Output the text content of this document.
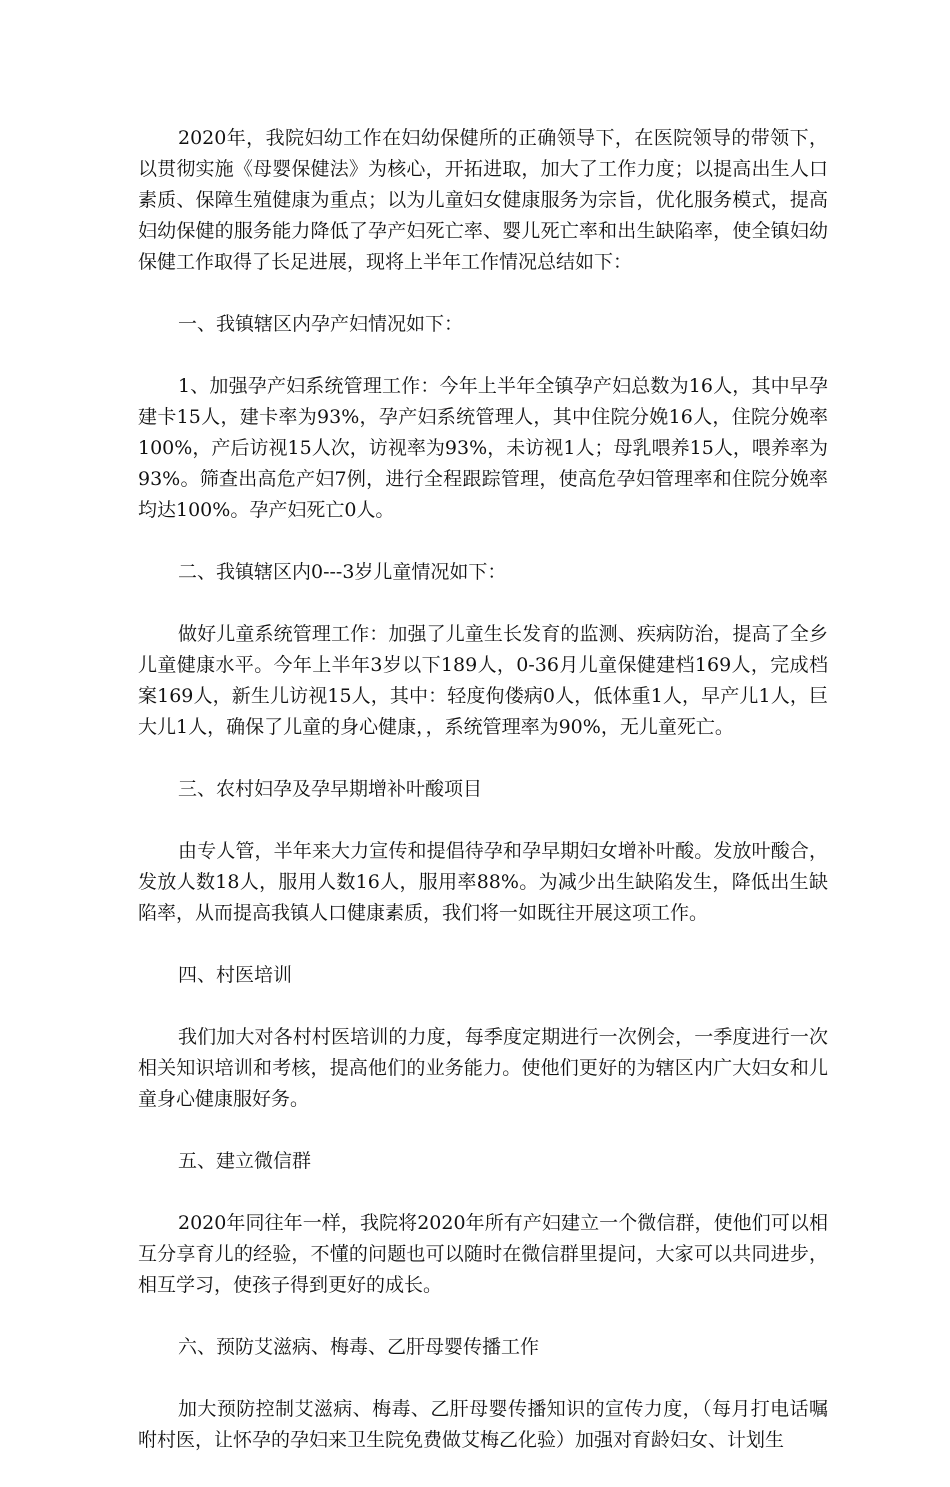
2020年，我院妇幼工作在妇幼保健所的正确领导下，在医院领导的带领下，以贯彻实施《母婴保健法》为核心，开拓进取，加大了工作力度；以提高出生人口素质、保障生殖健康为重点；以为儿童妇女健康服务为宗旨，优化服务模式，提高妇幼保健的服务能力降低了孕产妇死亡率、婴儿死亡率和出生缺陷率，使全镇妇幼保健工作取得了长足进展，现将上半年工作情况总结如下：

一、我镇辖区内孕产妇情况如下：

1、加强孕产妇系统管理工作：今年上半年全镇孕产妇总数为16人，其中早孕建卡15人，建卡率为93%，孕产妇系统管理人，其中住院分娩16人，住院分娩率100%，产后访视15人次，访视率为93%，未访视1人；母乳喂养15人，喂养率为93%。筛查出高危产妇7例，进行全程跟踪管理，使高危孕妇管理率和住院分娩率均达100%。孕产妇死亡0人。

二、我镇辖区内0---3岁儿童情况如下：

做好儿童系统管理工作：加强了儿童生长发育的监测、疾病防治，提高了全乡儿童健康水平。今年上半年3岁以下189人，0-36月儿童保健建档169人，完成档案169人，新生儿访视15人，其中：轻度佝偻病0人，低体重1人，早产儿1人，巨大儿1人，确保了儿童的身心健康，，系统管理率为90%，无儿童死亡。

三、农村妇孕及孕早期增补叶酸项目

由专人管，半年来大力宣传和提倡待孕和孕早期妇女增补叶酸。发放叶酸合，发放人数18人，服用人数16人，服用率88%。为减少出生缺陷发生，降低出生缺陷率，从而提高我镇人口健康素质，我们将一如既往开展这项工作。

四、村医培训

我们加大对各村村医培训的力度，每季度定期进行一次例会，一季度进行一次相关知识培训和考核，提高他们的业务能力。使他们更好的为辖区内广大妇女和儿童身心健康服好务。

五、建立微信群

2020年同往年一样，我院将2020年所有产妇建立一个微信群，使他们可以相互分享育儿的经验，不懂的问题也可以随时在微信群里提问，大家可以共同进步，相互学习，使孩子得到更好的成长。

六、预防艾滋病、梅毒、乙肝母婴传播工作

加大预防控制艾滋病、梅毒、乙肝母婴传播知识的宣传力度，（每月打电话嘱咐村医，让怀孕的孕妇来卫生院免费做艾梅乙化验）加强对育龄妇女、计划生
